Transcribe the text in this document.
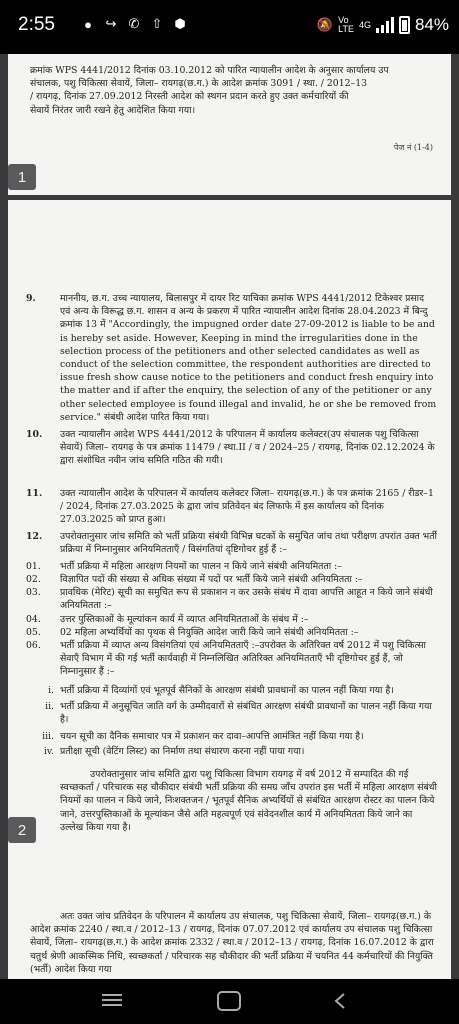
2:55	●	↪ ✆ ⇧ ⬢	🔕 Vo
LTE 4G	84%
क्रमांक WPS 4441/2012 दिनांक 03.10.2012 को पारित न्यायालीन आदेश के अनुसार कार्यालय उप
संचालक, पशु चिकित्सा सेवायें, जिला– रायगढ़(छ.ग.) के आदेश क्रमांक 3091 / स्था. / 2012–13
/ रायगढ़, दिनांक 27.09.2012 निरस्ती आदेश को स्थगन प्रदान करते हुए उक्त कर्मचारियों की
सेवायें निरंतर जारी रखने हेतु आदेशित किया गया।
पेज नं (1-4)
1
9.	माननीय, छ.ग. उच्च न्यायालय, बिलासपुर में दायर रिट याचिका क्रमांक WPS 4441/2012 टिकेश्वर प्रसाद एवं अन्य के विरूद्ध छ.ग. शासन व अन्य के प्रकरण में पारित न्यायालीन आदेश दिनांक 28.04.2023 में बिन्दु क्रमांक 13 में "Accordingly, the impugned order date 27-09-2012 is liable to be and is hereby set aside. However, Keeping in mind the irregularities done in the selection process of the petitioners and other selected candidates as well as conduct of the selection committee, the respondent authorities are directed to issue fresh show cause notice to the petitioners and conduct fresh enquiry into the matter and if after the enquiry, the selection of any of the petitioner or any other selected employee is found illegal and invalid, he or she be removed from service." संबंधी आदेश पारित किया गया।
10.	उक्त न्यायालीन आदेश WPS 4441/2012 के परिपालन में कार्यालय कलेक्टर(उप संचालक पशु चिकित्सा सेवायें) जिला– रायगढ़ के पत्र क्रमांक 11479 / स्था.II / व / 2024–25 / रायगढ़, दिनांक 02.12.2024 के द्वारा संशोधित नवीन जांच समिति गठित की गयी।
11.	उक्त न्यायालीन आदेश के परिपालन में कार्यालय कलेक्टर जिला– रायगढ़(छ.ग.) के पत्र क्रमांक 2165 / रीडर–1 / 2024, दिनांक 27.03.2025 के द्वारा जांच प्रतिवेदन बंद लिफाफे में इस कार्यालय को दिनांक 27.03.2025 को प्राप्त हुआ।
12.	उपरोक्तानुसार जांच समिति को भर्ती प्रक्रिया संबंधी विभिन्न घटकों के समुचित जांच तथा परीक्षण उपरांत उक्त भर्ती प्रक्रिया में निम्नानुसार अनियमितताएँ / विसंगतियां दृष्टिगोचर हुई हैं :–
01.	भर्ती प्रक्रिया में महिला आरक्षण नियमों का पालन न किये जाने संबंधी अनियमितता :–
02.	विज्ञापित पदों की संख्या से अधिक संख्या में पदों पर भर्ती किये जाने संबंधी अनियमितता :–
03.	प्रावधिक (मेरिट) सूची का समुचित रूप से प्रकाशन न कर उसके संबंध में दावा आपत्ति आहूत न किये जाने संबंधी अनियमितता :–
04.	उत्तर पुस्तिकाओं के मूल्यांकन कार्य में व्याप्त अनियमितताओं के संबंध में :–
05.	02 महिला अभ्यर्थियों का पृथक से नियुक्ति आदेश जारी किये जाने संबंधी अनियमितता :–
06.	भर्ती प्रक्रिया में व्याप्त अन्य विसंगतियां एवं अनियमितताएँ :–उपरोक्त के अतिरिक्त वर्ष 2012 में पशु चिकित्सा सेवाएँ विभाग में की गई भर्ती कार्यवाही में निम्नलिखित अतिरिक्त अनियमितताएँ भी दृष्टिगोचर हुई हैं, जो निम्नानुसार हैं :–
i. भर्ती प्रक्रिया में दिव्यांगों एवं भूतपूर्व सैनिकों के आरक्षण संबंधी प्रावधानों का पालन नहीं किया गया है।
ii. भर्ती प्रक्रिया में अनुसूचित जाति वर्ग के उम्मीदवारों से संबंधित आरक्षण संबंधी प्रावधानों का पालन नहीं किया गया है।
iii. चयन सूची का दैनिक समाचार पत्र में प्रकाशन कर दावा–आपत्ति आमंत्रित नहीं किया गया है।
iv. प्रतीक्षा सूची (वेटिंग लिस्ट) का निर्माण तथा संधारण करना नहीं पाया गया।
उपरोक्तानुसार जांच समिति द्वारा पशु चिकित्सा विभाग रायगढ़ में वर्ष 2012 में सम्पादित की गई स्वच्छकर्ता / परिचारक सह चौकीदार संबंधी भर्ती प्रक्रिया की समग्र जाँच उपरांत इस भर्ती में महिला आरक्षण संबंधी नियमों का पालन न किये जाने, निःशक्तजन / भूतपूर्व सैनिक अभ्यर्थियों से संबंधित आरक्षण रोस्टर का पालन किये जाने, उत्तरपुस्तिकाओं के मूल्यांकन जैसे अति महत्वपूर्ण एवं संवेदनशील कार्य में अनियमितता किये जाने का उल्लेख किया गया है।
2
अतः उक्त जांच प्रतिवेदन के परिपालन में कार्यालय उप संचालक, पशु चिकित्सा सेवायें, जिला– रायगढ़(छ.ग.) के आदेश क्रमांक 2240 / स्था.व / 2012–13 / रायगढ़, दिनांक 07.07.2012 एवं कार्यालय उप संचालक पशु चिकित्सा सेवायें, जिला– रायगढ़(छ.ग.) के आदेश क्रमांक 2332 / स्था.व / 2012–13 / रायगढ़, दिनांक 16.07.2012 के द्वारा चतुर्थ श्रेणी आकस्मिक निधि, स्वच्छकर्ता / परिचारक सह चौकीदार की भर्ती प्रक्रिया में चयनित 44 कर्मचारियों की नियुक्ति (भर्ती) आदेश किया गया
